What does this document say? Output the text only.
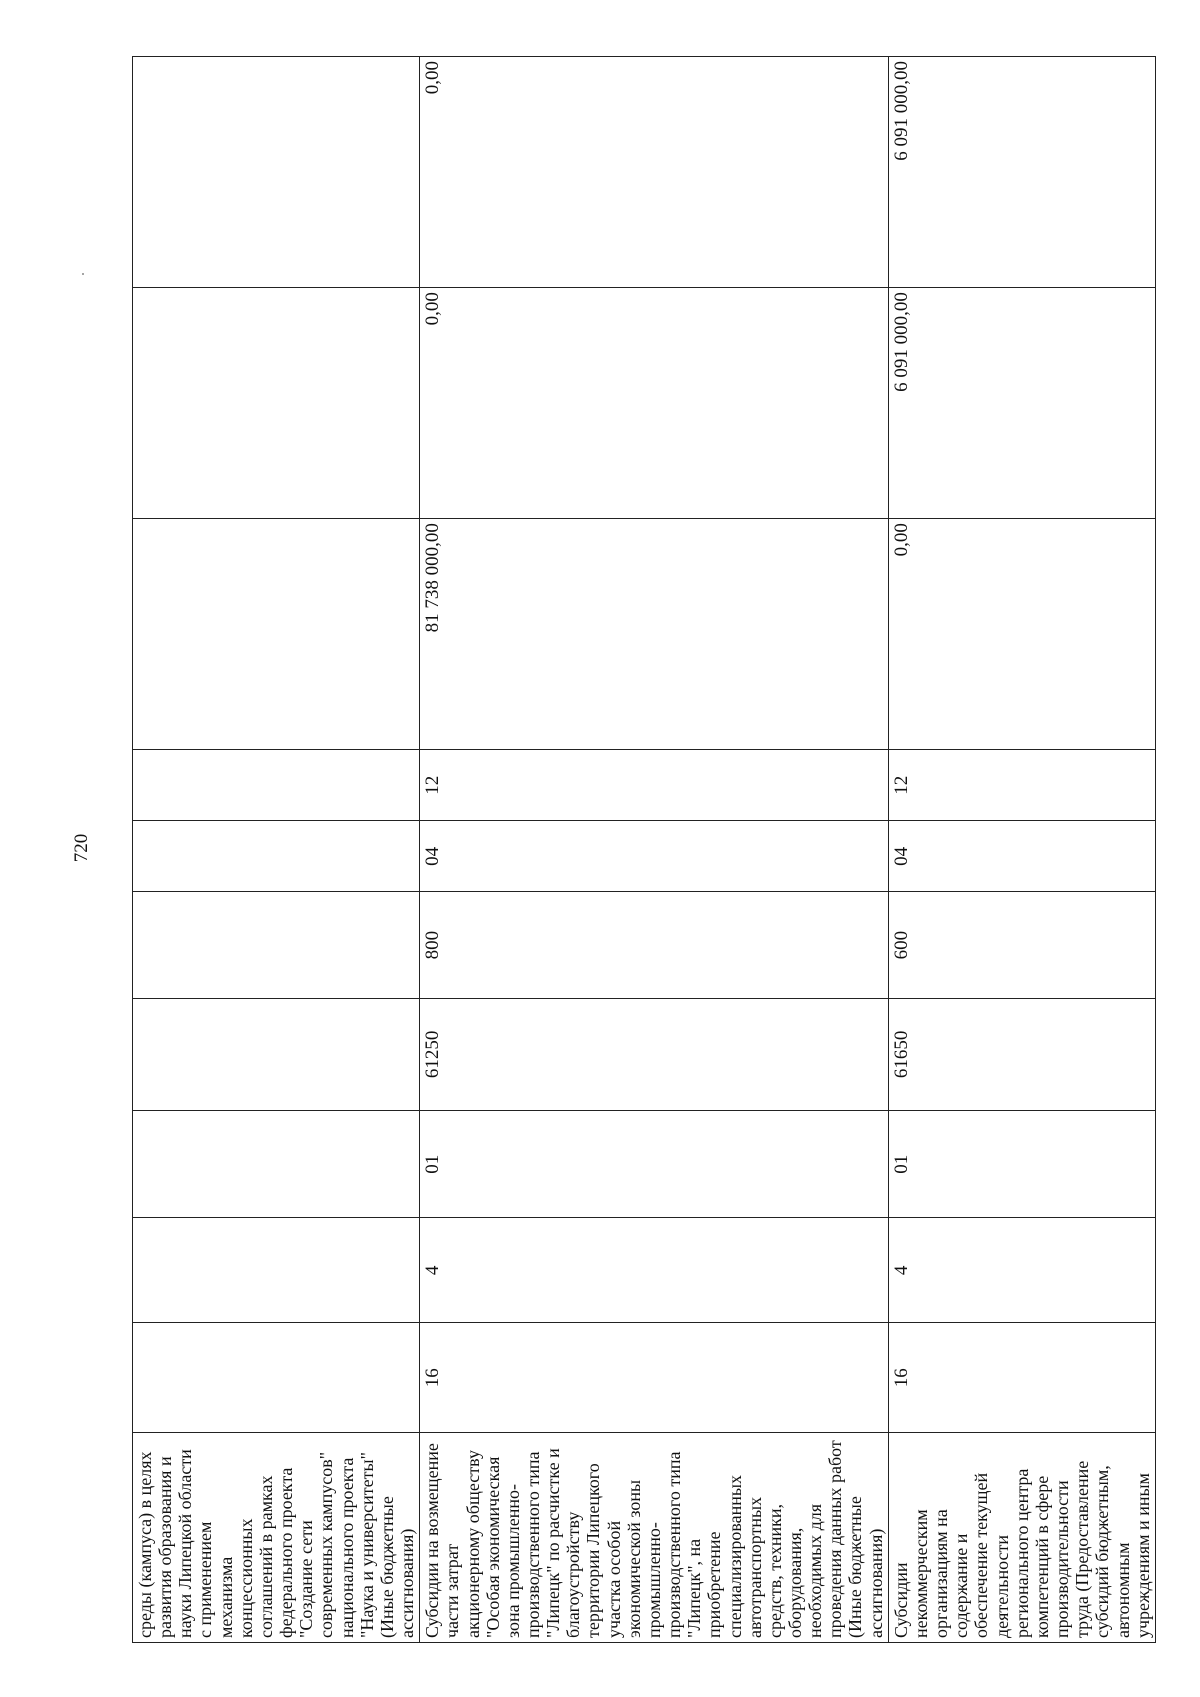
720
среды (кампуса) в целях развития образования и науки Липецкой области с применением механизма концессионных соглашений в рамках федерального проекта "Создание сети современных кампусов" национального проекта "Наука и университеты" (Иные бюджетные ассигнования)										
Субсидии на возмещение части затрат акционерному обществу "Особая экономическая зона промышленно-производственного типа "Липецк" по расчистке и благоустройству территории Липецкого участка особой экономической зоны промышленно-производственного типа "Липецк", на приобретение специализированных автотранспортных средств, техники, оборудования, необходимых для проведения данных работ (Иные бюджетные ассигнования)	16	4	01	61250	800	04	12	81 738 000,00	0,00	0,00
Субсидии некоммерческим организациям на содержание и обеспечение текущей деятельности регионального центра компетенций в сфере производительности труда (Предоставление субсидий бюджетным, автономным учреждениям и иным	16	4	01	61650	600	04	12	0,00	6 091 000,00	6 091 000,00
